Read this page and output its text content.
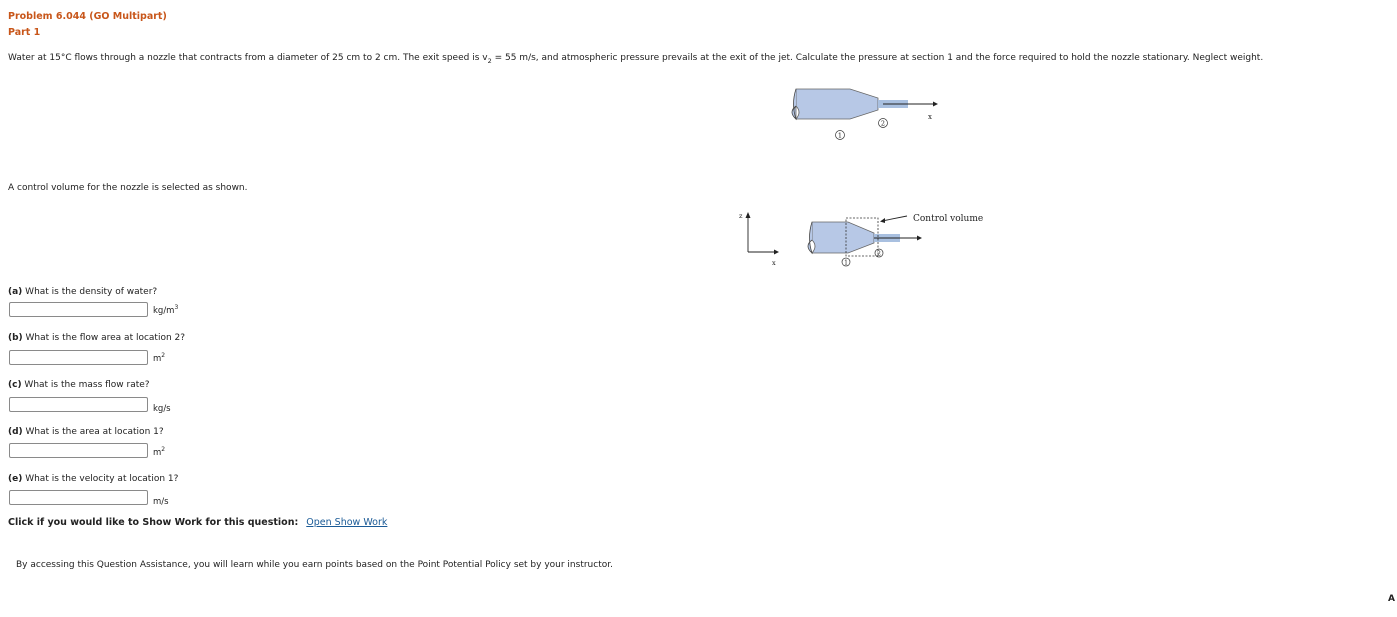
Problem 6.044 (GO Multipart)
Part 1
Water at 15°C flows through a nozzle that contracts from a diameter of 25 cm to 2 cm. The exit speed is $v_2 = 55$ m/s, and atmospheric pressure prevails at the exit of the jet. Calculate the pressure at section 1 and the force required to hold the nozzle stationary. Neglect weight.
x
2
1
A control volume for the nozzle is selected as shown.
z
x
Control volume
1
2
(a) What is the density of water?
$kg/m^3$
(b) What is the flow area at location 2?
$m^2$
(c) What is the mass flow rate?
kg/s
(d) What is the area at location 1?
$m^2$
(e) What is the velocity at location 1?
m/s
Click if you would like to Show Work for this question: Open Show Work
By accessing this Question Assistance, you will learn while you earn points based on the Point Potential Policy set by your instructor.
A
